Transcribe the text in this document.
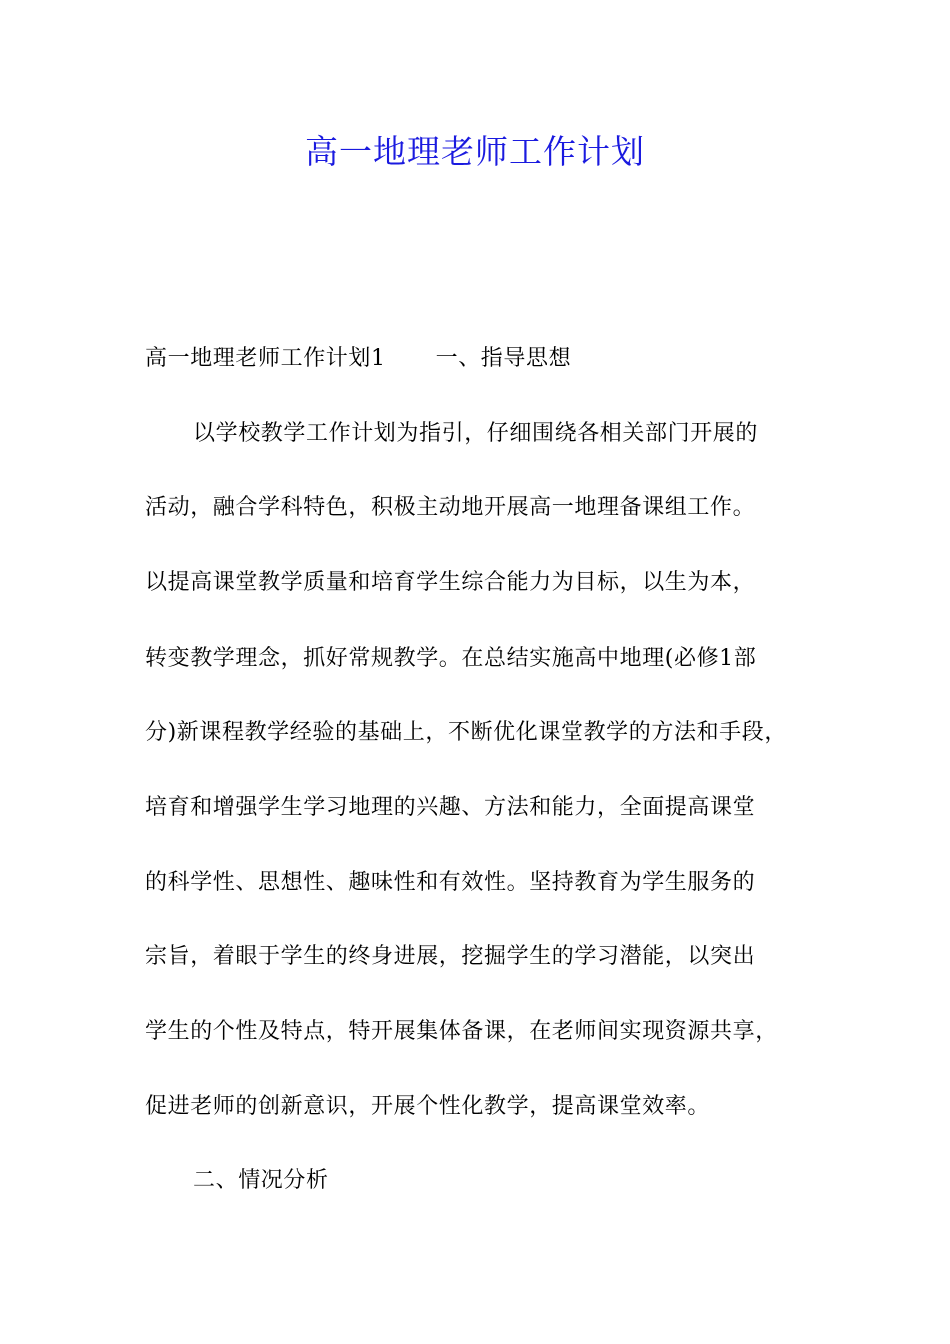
高一地理老师工作计划
高一地理老师工作计划1 一、指导思想
以学校教学工作计划为指引，仔细围绕各相关部门开展的
活动，融合学科特色，积极主动地开展高一地理备课组工作。
以提高课堂教学质量和培育学生综合能力为目标，以生为本，
转变教学理念，抓好常规教学。在总结实施高中地理(必修1部
分)新课程教学经验的基础上，不断优化课堂教学的方法和手段，
培育和增强学生学习地理的兴趣、方法和能力，全面提高课堂
的科学性、思想性、趣味性和有效性。坚持教育为学生服务的
宗旨，着眼于学生的终身进展，挖掘学生的学习潜能，以突出
学生的个性及特点，特开展集体备课，在老师间实现资源共享，
促进老师的创新意识，开展个性化教学，提高课堂效率。
二、情况分析
